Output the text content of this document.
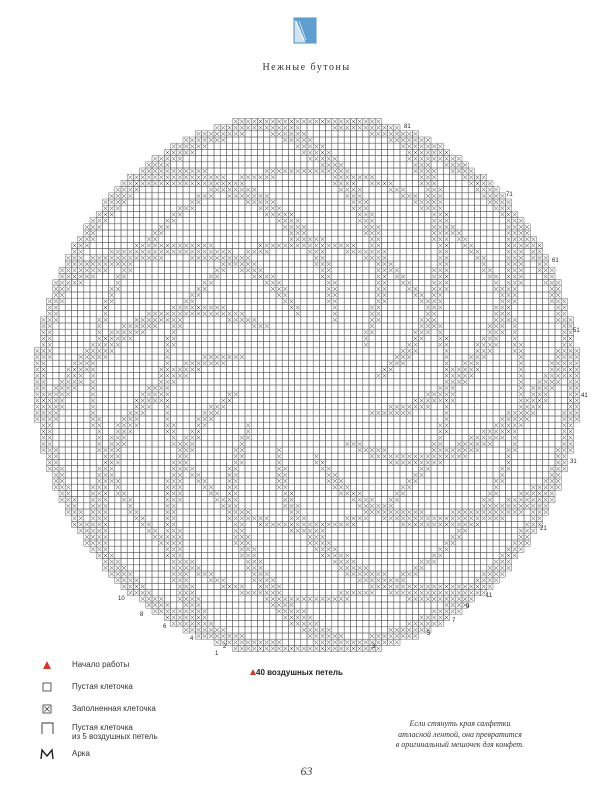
Нежные бутоны
1
2	3
4
5
6
7
8
9
10	11
21
31
41
51
61
71
81
40 воздушных петель
Начало работы
Пустая клеточка
Заполненная клеточка
Пустая клеточка
из 5 воздушных петель
Арка
Если стянуть края салфетки
атласной лентой, она превратится
в оригинальный мешочек для конфет.
63
